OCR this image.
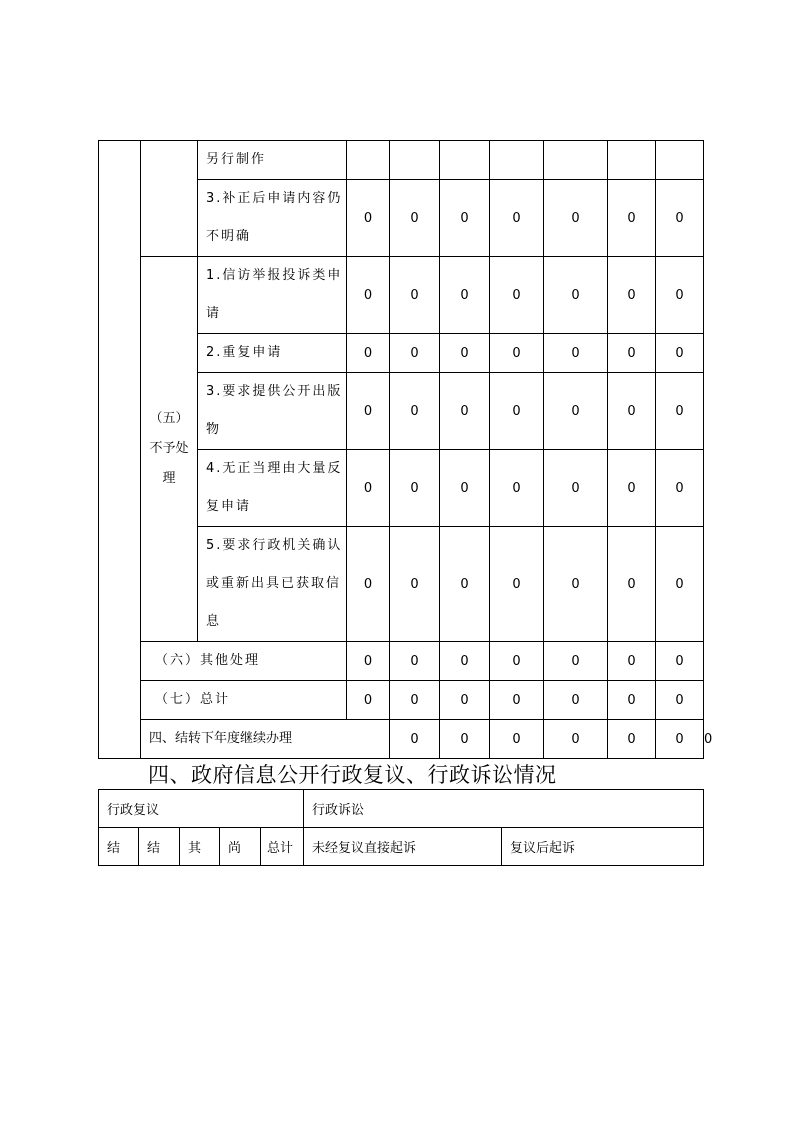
		另行制作								
		3.补正后申请内容仍不明确	0	0	0	0	0	0	0	

	（五）
不予处理	1.信访举报投诉类申请	0	0	0	0	0	0	0	
		2.重复申请	0	0	0	0	0	0	0	
		3.要求提供公开出版物	0	0	0	0	0	0	0	
		4.无正当理由大量反复申请	0	0	0	0	0	0	0	
		5.要求行政机关确认或重新出具已获取信息	0	0	0	0	0	0	0	
	（六）其他处理		0	0	0	0	0	0	0	
	（七）总计		0	0	0	0	0	0	0	
	四、结转下年度继续办理			0	0	0	0	0	0	0
四、政府信息公开行政复议、行政诉讼情况
行政复议					行政诉讼	
结	结	其	尚	总计	未经复议直接起诉	复议后起诉
